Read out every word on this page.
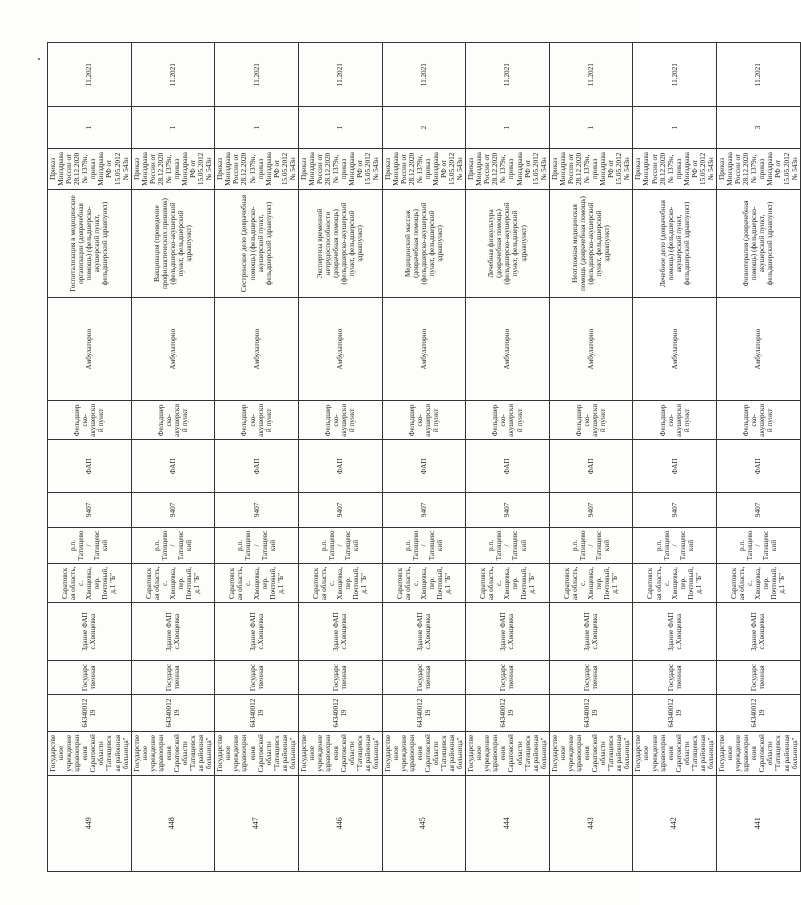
449	Государственное учреждение здравоохранения Саратовской области "Татищевская районная больница"	6434001219	Государственная	Здание ФАП с.Хвощевка	Саратовская область, с. Хвощевка, пер. Почтовый, д.1 "Б"	р.п. Татищево/Татищевский	9407	ФАП	Фельдшерско-акушерский пункт	Амбулаторно	Госпитализация в медицинские организации (доврачебная помощь) (фельдшерско-акушерский пункт, фельдшерский здравпункт)	Приказ Минздрава России от 28.12.2020 № 1379н, приказ Минздрава РФ от 15.05.2012 № 543н	1	11.2021
448	Государственное учреждение здравоохранения Саратовской области "Татищевская районная больница"	6434001219	Государственная	Здание ФАП с.Хвощевка	Саратовская область, с. Хвощевка, пер. Почтовый, д.1 "Б"	р.п. Татищево/Татищевский	9407	ФАП	Фельдшерско-акушерский пункт	Амбулаторно	Вакцинация (проведение профилактических прививок) (фельдшерско-акушерский пункт, фельдшерский здравпункт)	Приказ Минздрава России от 28.12.2020 № 1379н, приказ Минздрава РФ от 15.05.2012 № 543н	1	11.2021
447	Государственное учреждение здравоохранения Саратовской области "Татищевская районная больница"	6434001219	Государственная	Здание ФАП с.Хвощевка	Саратовская область, с. Хвощевка, пер. Почтовый, д.1 "Б"	р.п. Татищево/Татищевский	9407	ФАП	Фельдшерско-акушерский пункт	Амбулаторно	Сестринское дело (доврачебная помощь) (фельдшерско-акушерский пункт, фельдшерский здравпункт)	Приказ Минздрава России от 28.12.2020 № 1379н, приказ Минздрава РФ от 15.05.2012 № 543н	1	11.2021
446	Государственное учреждение здравоохранения Саратовской области "Татищевская районная больница"	6434001219	Государственная	Здание ФАП с.Хвощевка	Саратовская область, с. Хвощевка, пер. Почтовый, д.1 "Б"	р.п. Татищево/Татищевский	9407	ФАП	Фельдшерско-акушерский пункт	Амбулаторно	Экспертиза временной нетрудоспособности (доврачебная помощь) (фельдшерско-акушерский пункт, фельдшерский здравпункт)	Приказ Минздрава России от 28.12.2020 № 1379н, приказ Минздрава РФ от 15.05.2012 № 543н	1	11.2021
445	Государственное учреждение здравоохранения Саратовской области "Татищевская районная больница"	6434001219	Государственная	Здание ФАП с.Хвощевка	Саратовская область, с. Хвощевка, пер. Почтовый, д.1 "Б"	р.п. Татищево/Татищевский	9407	ФАП	Фельдшерско-акушерский пункт	Амбулаторно	Медицинский массаж (доврачебная помощь) (фельдшерско-акушерский пункт, фельдшерский здравпункт)	Приказ Минздрава России от 28.12.2020 № 1379н, приказ Минздрава РФ от 15.05.2012 № 543н	2	11.2021
444	Государственное учреждение здравоохранения Саратовской области "Татищевская районная больница"	6434001219	Государственная	Здание ФАП с.Хвощевка	Саратовская область, с. Хвощевка, пер. Почтовый, д.1 "Б"	р.п. Татищево/Татищевский	9407	ФАП	Фельдшерско-акушерский пункт	Амбулаторно	Лечебная физкультура (доврачебная помощь) (фельдшерско-акушерский пункт, фельдшерский здравпункт)	Приказ Минздрава России от 28.12.2020 № 1379н, приказ Минздрава РФ от 15.05.2012 № 543н	1	11.2021
443	Государственное учреждение здравоохранения Саратовской области "Татищевская районная больница"	6434001219	Государственная	Здание ФАП с.Хвощевка	Саратовская область, с. Хвощевка, пер. Почтовый, д.1 "Б"	р.п. Татищево/Татищевский	9407	ФАП	Фельдшерско-акушерский пункт	Амбулаторно	Неотложная медицинская помощь (доврачебная помощь) (фельдшерско-акушерский пункт, фельдшерский здравпункт)	Приказ Минздрава России от 28.12.2020 № 1379н, приказ Минздрава РФ от 15.05.2012 № 543н	1	11.2021
442	Государственное учреждение здравоохранения Саратовской области "Татищевская районная больница"	6434001219	Государственная	Здание ФАП с.Хвощевка	Саратовская область, с. Хвощевка, пер. Почтовый, д.1 "Б"	р.п. Татищево/Татищевский	9407	ФАП	Фельдшерско-акушерский пункт	Амбулаторно	Лечебное дело (доврачебная помощь) (фельдшерско-акушерский пункт, фельдшерский здравпункт)	Приказ Минздрава России от 28.12.2020 № 1379н, приказ Минздрава РФ от 15.05.2012 № 543н	1	11.2021
441	Государственное учреждение здравоохранения Саратовской области "Татищевская районная больница"	6434001219	Государственная	Здание ФАП с.Хвощевка	Саратовская область, с. Хвощевка, пер. Почтовый, д.1 "Б"	р.п. Татищево/Татищевский	9407	ФАП	Фельдшерско-акушерский пункт	Амбулаторно	Физиотерапия (доврачебная помощь) (фельдшерско-акушерский пункт, фельдшерский здравпункт)	Приказ Минздрава России от 28.12.2020 № 1379н, приказ Минздрава РФ от 15.05.2012 № 543н	3	11.2021
